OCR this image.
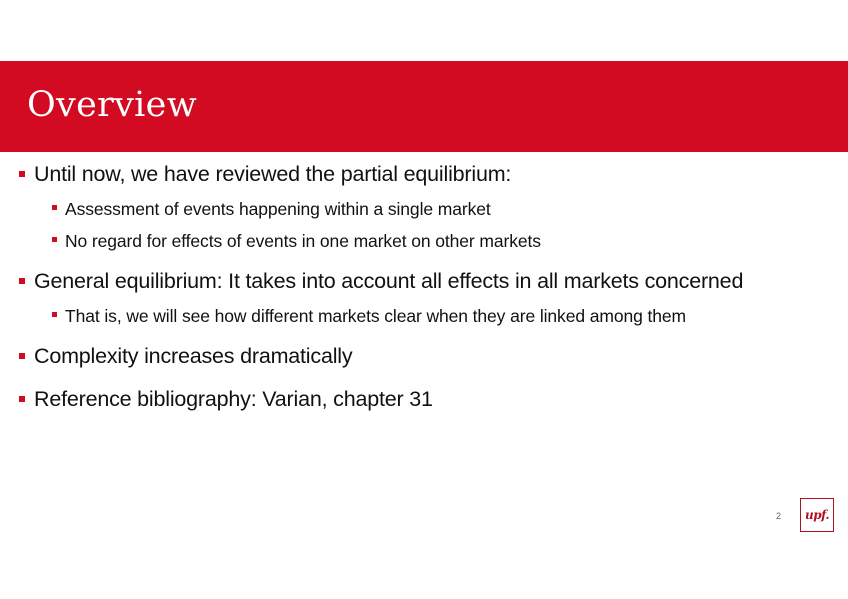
Overview
Until now, we have reviewed the partial equilibrium:
Assessment of events happening within a single market
No regard for effects of events in one market on other markets
General equilibrium: It takes into account all effects in all markets concerned
That is, we will see how different markets clear when they are linked among them
Complexity increases dramatically
Reference bibliography: Varian, chapter 31
2 upf.
